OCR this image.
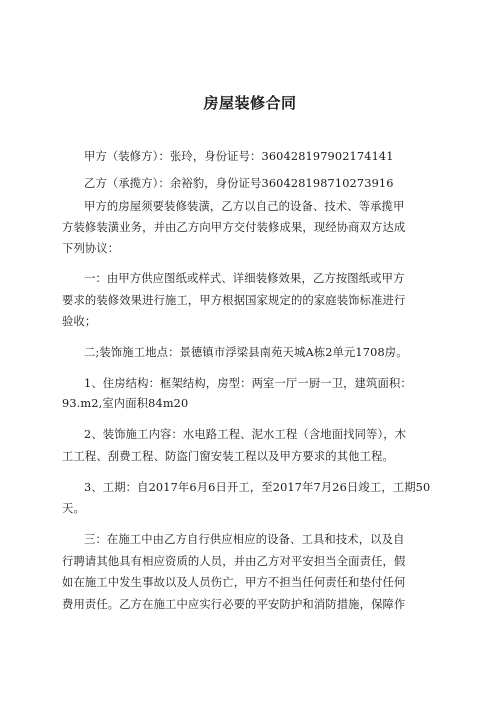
房屋装修合同
甲方（装修方）：张玲，身份证号：360428197902174141
乙方（承揽方）：余裕豹，身份证号360428198710273916
甲方的房屋须要装修装潢，乙方以自己的设备、技术、等承揽甲
方装修装潢业务，并由乙方向甲方交付装修成果，现经协商双方达成
下列协议：
一：由甲方供应图纸或样式、详细装修效果，乙方按图纸或甲方
要求的装修效果进行施工，甲方根据国家规定的的家庭装饰标准进行
验收；
二;装饰施工地点：景德镇市浮梁县南苑天城A栋2单元1708房。
1、住房结构：框架结构，房型：两室一厅一厨一卫，建筑面积：
93.m2,室内面积84m20
2、装饰施工内容：水电路工程、泥水工程（含地面找同等），木
工工程、刮费工程、防盗门窗安装工程以及甲方要求的其他工程。
3、工期：自2017年6月6日开工，至2017年7月26日竣工，工期50
天。
三：在施工中由乙方自行供应相应的设备、工具和技术，以及自
行聘请其他具有相应资质的人员，并由乙方对平安担当全面责任，假
如在施工中发生事故以及人员伤亡，甲方不担当任何责任和垫付任何
费用责任。乙方在施工中应实行必要的平安防护和消防措施，保障作
